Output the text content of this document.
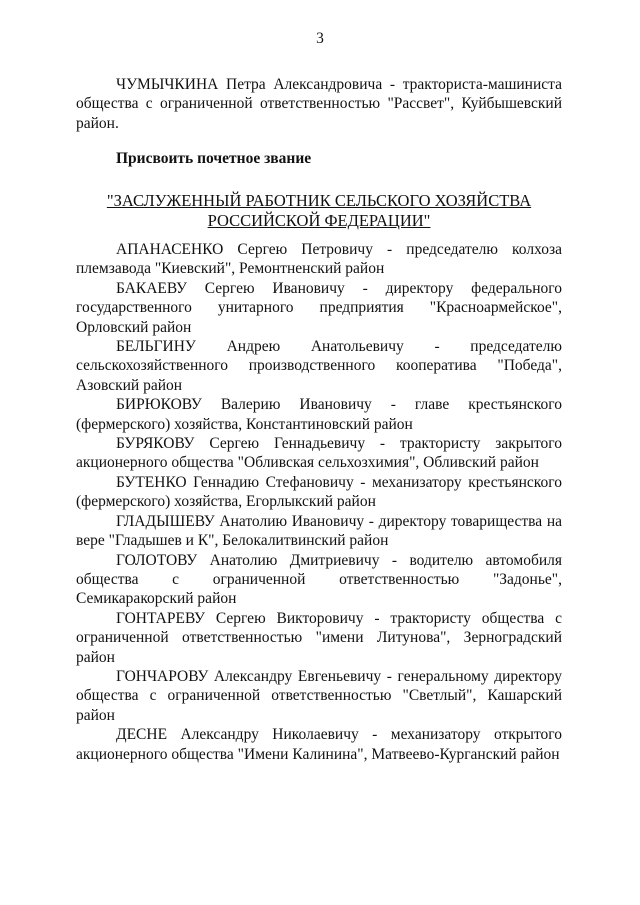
3

ЧУМЫЧКИНА Петра Александровича - тракториста-машиниста общества с ограниченной ответственностью "Рассвет", Куйбышевский район.

Присвоить почетное звание
"ЗАСЛУЖЕННЫЙ РАБОТНИК СЕЛЬСКОГО ХОЗЯЙСТВА
РОССИЙСКОЙ ФЕДЕРАЦИИ"

АПАНАСЕНКО Сергею Петровичу - председателю колхоза племзавода "Киевский", Ремонтненский район

БАКАЕВУ Сергею Ивановичу - директору федерального государственного унитарного предприятия "Красноармейское", Орловский район

БЕЛЬГИНУ Андрею Анатольевичу - председателю сельскохозяйственного производственного кооператива "Победа", Азовский район

БИРЮКОВУ Валерию Ивановичу - главе крестьянского (фермерского) хозяйства, Константиновский район

БУРЯКОВУ Сергею Геннадьевичу - трактористу закрытого акционерного общества "Обливская сельхозхимия", Обливский район

БУТЕНКО Геннадию Стефановичу - механизатору крестьянского (фермерского) хозяйства, Егорлыкский район

ГЛАДЫШЕВУ Анатолию Ивановичу - директору товарищества на вере "Гладышев и К", Белокалитвинский район

ГОЛОТОВУ Анатолию Дмитриевичу - водителю автомобиля общества с ограниченной ответственностью "Задонье", Семикаракорский район

ГОНТАРЕВУ Сергею Викторовичу - трактористу общества с ограниченной ответственностью "имени Литунова", Зерноградский район

ГОНЧАРОВУ Александру Евгеньевичу - генеральному директору общества с ограниченной ответственностью "Светлый", Кашарский район

ДЕСНЕ Александру Николаевичу - механизатору открытого акционерного общества "Имени Калинина", Матвеево-Курганский район
